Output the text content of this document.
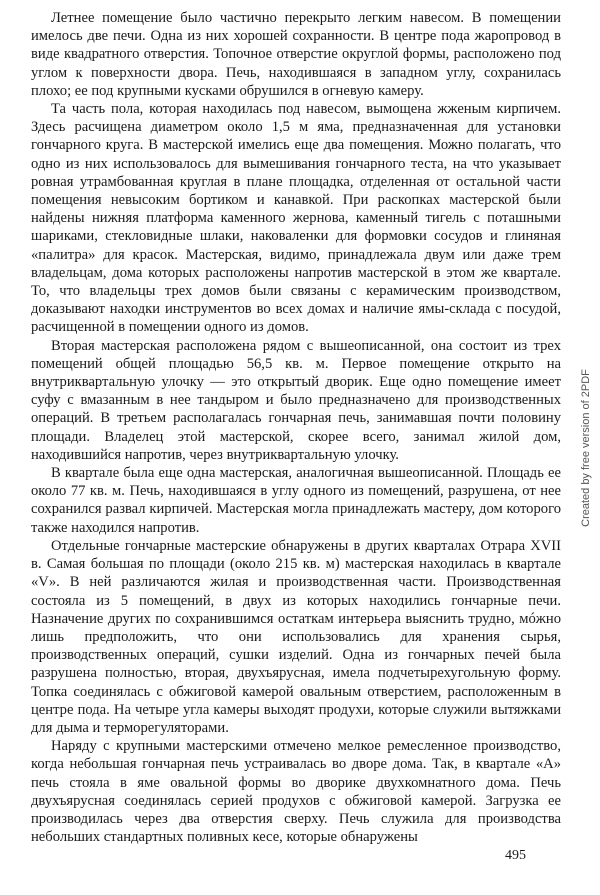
Летнее помещение было частично перекрыто легким навесом. В помещении имелось две печи. Одна из них хорошей сохранности. В центре пода жаропровод в виде квадратного отверстия. Топочное отверстие округлой формы, расположено под углом к поверхности двора. Печь, находившаяся в западном углу, сохранилась плохо; ее под крупными кусками обрушился в огневую камеру.

Та часть пола, которая находилась под навесом, вымощена жженым кирпичем. Здесь расчищена диаметром около 1,5 м яма, предназначенная для установки гончарного круга. В мастерской имелись еще два помещения. Можно полагать, что одно из них использовалось для вымешивания гончарного теста, на что указывает ровная утрамбованная круглая в плане площадка, отделенная от остальной части помещения невысоким бортиком и канавкой. При раскопках мастерской были найдены нижняя платформа каменного жернова, каменный тигель с поташными шариками, стекловидные шлаки, наковаленки для формовки сосудов и глиняная «палитра» для красок. Мастерская, видимо, принадлежала двум или даже трем владельцам, дома которых расположены напротив мастерской в этом же квартале. То, что владельцы трех домов были связаны с керамическим производством, доказывают находки инструментов во всех домах и наличие ямы-склада с посудой, расчищенной в помещении одного из домов.

Вторая мастерская расположена рядом с вышеописанной, она состоит из трех помещений общей площадью 56,5 кв. м. Первое помещение открыто на внутриквартальную улочку — это открытый дворик. Еще одно помещение имеет суфу с вмазанным в нее тандыром и было предназначено для производственных операций. В третьем располагалась гончарная печь, занимавшая почти половину площади. Владелец этой мастерской, скорее всего, занимал жилой дом, находившийся напротив, через внутриквартальную улочку.

В квартале была еще одна мастерская, аналогичная вышеописанной. Площадь ее около 77 кв. м. Печь, находившаяся в углу одного из помещений, разрушена, от нее сохранился развал кирпичей. Мастерская могла принадлежать мастеру, дом которого также находился напротив.

Отдельные гончарные мастерские обнаружены в других кварталах Отрара XVII в. Самая большая по площади (около 215 кв. м) мастерская находилась в квартале «V». В ней различаются жилая и производственная части. Производственная состояла из 5 помещений, в двух из которых находились гончарные печи. Назначение других по сохранившимся остаткам интерьера выяснить трудно, мóжно лишь предположить, что они использовались для хранения сырья, производственных операций, сушки изделий. Одна из гончарных печей была разрушена полностью, вторая, двухъярусная, имела подчетырехугольную форму. Топка соединялась с обжиговой камерой овальным отверстием, расположенным в центре пода. На четыре угла камеры выходят продухи, которые служили вытяжками для дыма и терморегуляторами.

Наряду с крупными мастерскими отмечено мелкое ремесленное производство, когда небольшая гончарная печь устраивалась во дворе дома. Так, в квартале «А» печь стояла в яме овальной формы во дворике двухкомнатного дома. Печь двухъярусная соединялась серией продухов с обжиговой камерой. Загрузка ее производилась через два отверстия сверху. Печь служила для производства небольших стандартных поливных кесе, которые обнаружены

495
Created by free version of 2PDF
